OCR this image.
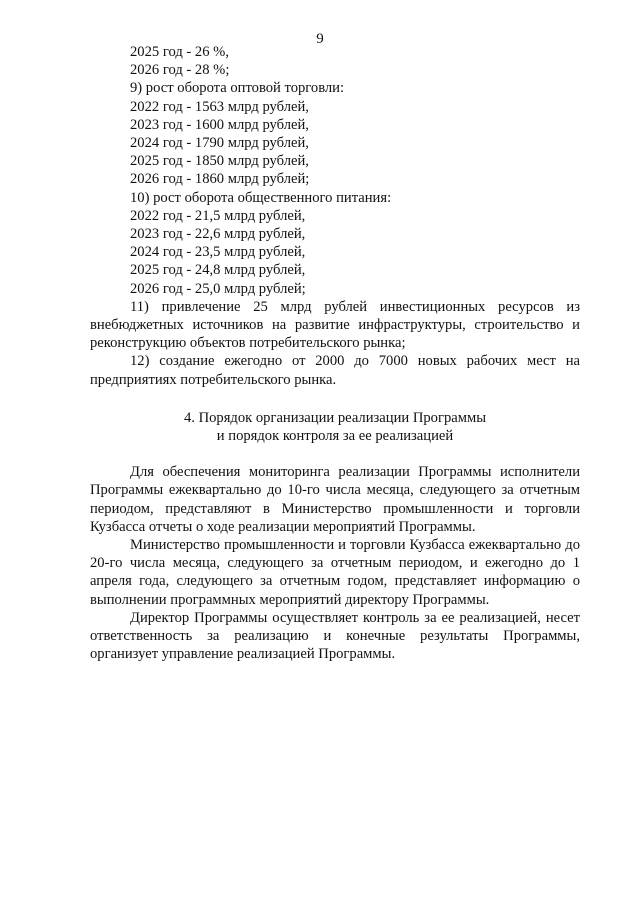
9
2025 год - 26 %,
2026 год - 28 %;
9) рост оборота оптовой торговли:
2022 год - 1563 млрд рублей,
2023 год - 1600 млрд рублей,
2024 год - 1790 млрд рублей,
2025 год - 1850 млрд рублей,
2026 год - 1860 млрд рублей;
10) рост оборота общественного питания:
2022 год - 21,5 млрд рублей,
2023 год - 22,6 млрд рублей,
2024 год - 23,5 млрд рублей,
2025 год - 24,8 млрд рублей,
2026 год - 25,0 млрд рублей;
11) привлечение 25 млрд рублей инвестиционных ресурсов из внебюджетных источников на развитие инфраструктуры, строительство и реконструкцию объектов потребительского рынка;
12) создание ежегодно от 2000 до 7000 новых рабочих мест на предприятиях потребительского рынка.
4. Порядок организации реализации Программы
и порядок контроля за ее реализацией
Для обеспечения мониторинга реализации Программы исполнители Программы ежеквартально до 10-го числа месяца, следующего за отчетным периодом, представляют в Министерство промышленности и торговли Кузбасса отчеты о ходе реализации мероприятий Программы.
Министерство промышленности и торговли Кузбасса ежеквартально до 20-го числа месяца, следующего за отчетным периодом, и ежегодно до 1 апреля года, следующего за отчетным годом, представляет информацию о выполнении программных мероприятий директору Программы.
Директор Программы осуществляет контроль за ее реализацией, несет ответственность за реализацию и конечные результаты Программы, организует управление реализацией Программы.
